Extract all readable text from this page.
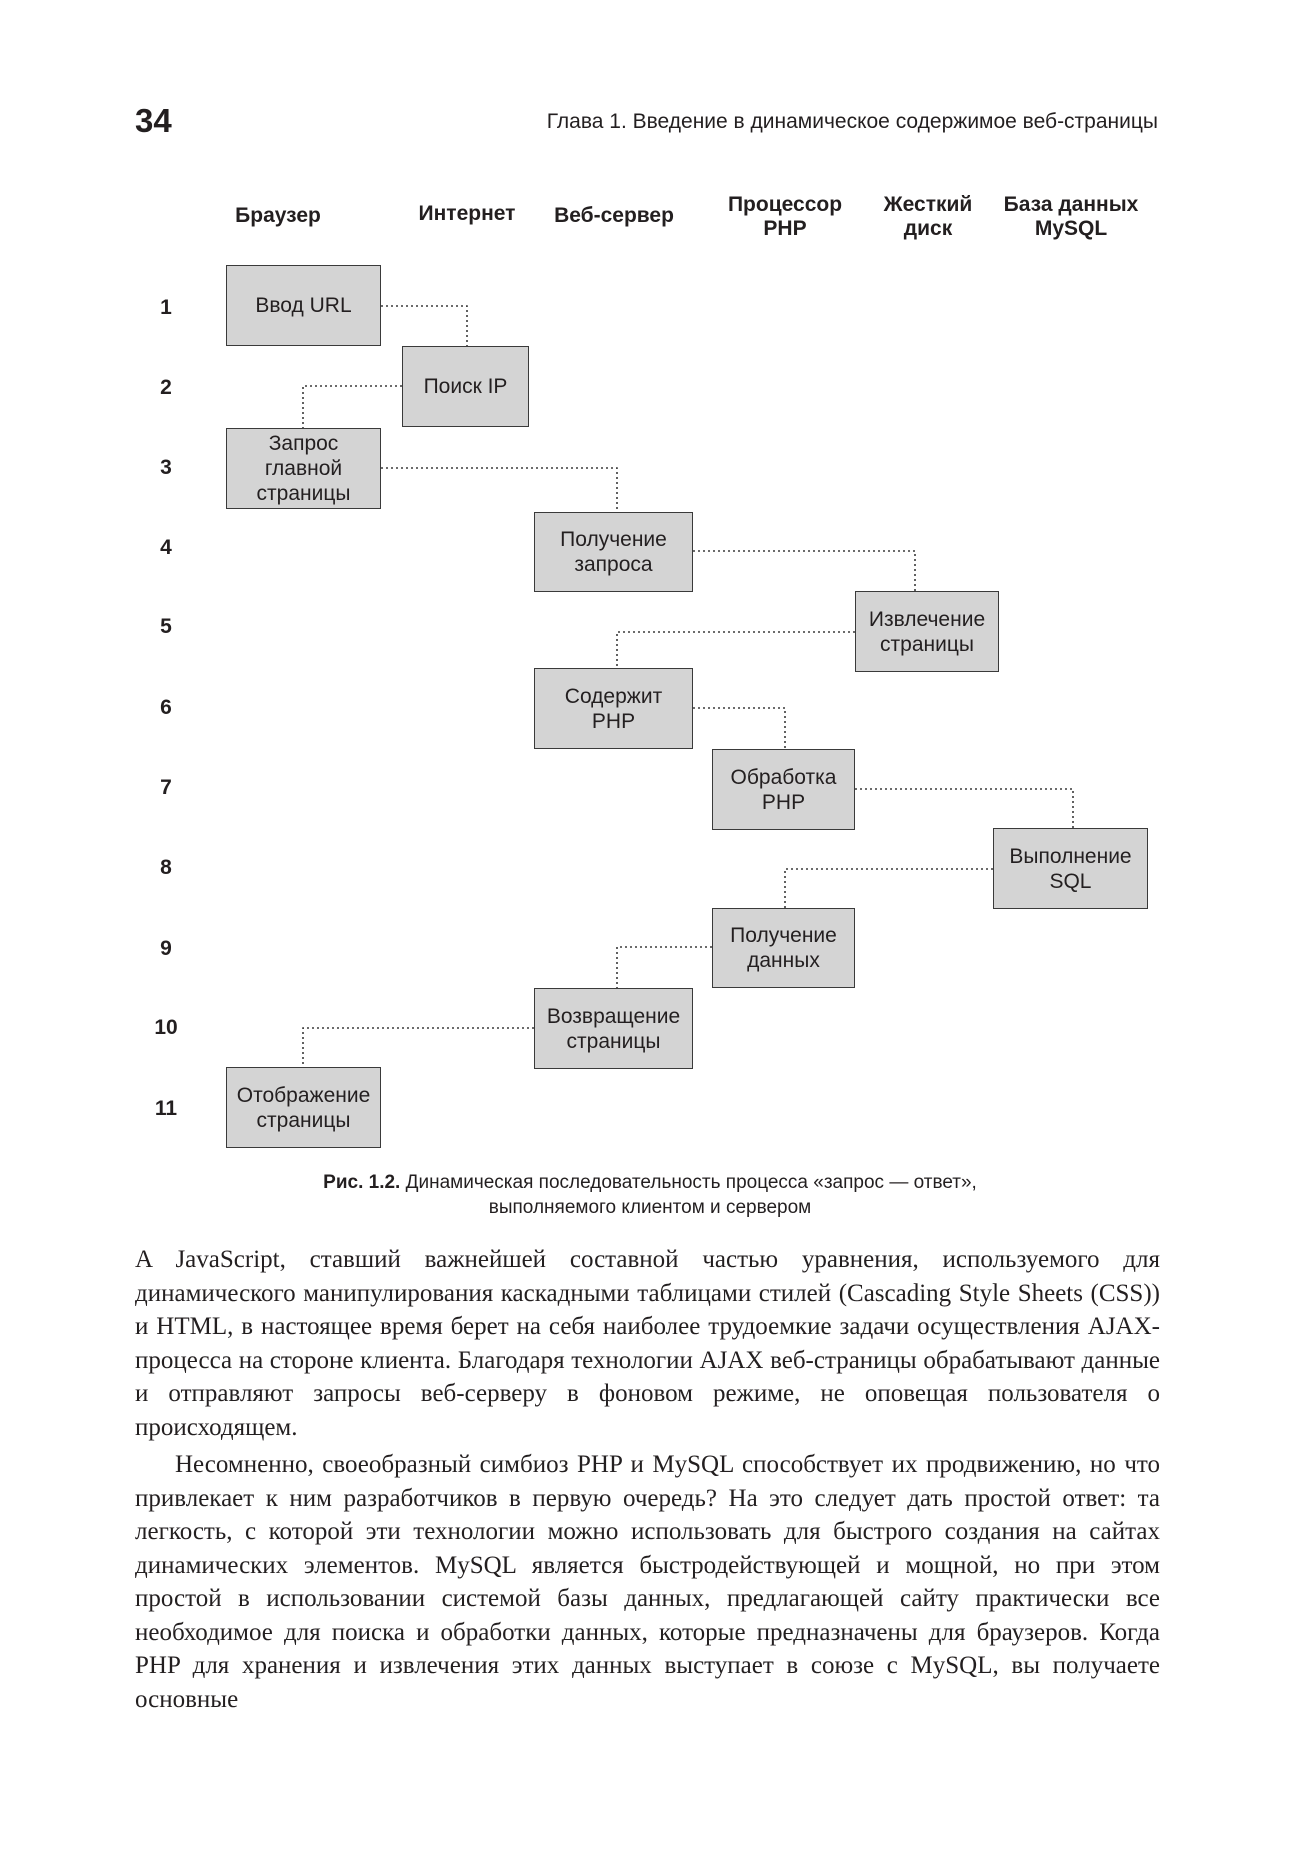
34	Глава 1. Введение в динамическое содержимое веб-страницы
Браузер	Интернет	Веб-сервер	Процессор
PHP
Жесткий
диск
База данных
MySQL
1
2
3
4
5
6
7
8
9
10
11
Ввод URL
Поиск IP
Запрос
главной
страницы
Получение
запроса
Извлечение
страницы
Содержит
PHP
Обработка
PHP
Выполнение
SQL
Получение
данных
Возвращение
страницы
Отображение
страницы
Рис. 1.2. Динамическая последовательность процесса «запрос — ответ»,
выполняемого клиентом и сервером

A JavaScript, ставший важнейшей составной частью уравнения, используемого для динамического манипулирования каскадными таблицами стилей (Cascading Style Sheets (CSS)) и HTML, в настоящее время берет на себя наиболее трудоемкие задачи осуществления AJAX-процесса на стороне клиента. Благодаря технологии AJAX веб-страницы обрабатывают данные и отправляют запросы веб-серверу в фоновом режиме, не оповещая пользователя о происходящем.

Несомненно, своеобразный симбиоз PHP и MySQL способствует их продвижению, но что привлекает к ним разработчиков в первую очередь? На это следует дать простой ответ: та легкость, с которой эти технологии можно использовать для быстрого создания на сайтах динамических элементов. MySQL является быстродействующей и мощной, но при этом простой в использовании системой базы данных, предлагающей сайту практически все необходимое для поиска и обработки данных, которые предназначены для браузеров. Когда PHP для хранения и извлечения этих данных выступает в союзе с MySQL, вы получаете основные
